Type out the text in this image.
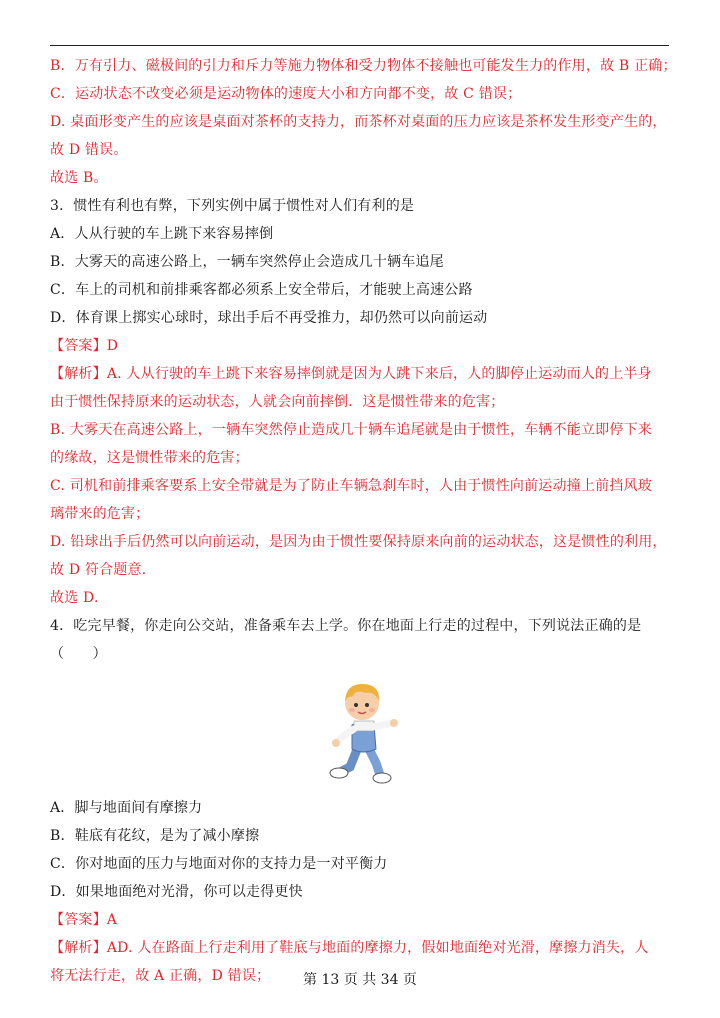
B．万有引力、磁极间的引力和斥力等施力物体和受力物体不接触也可能发生力的作用，故 B 正确；
C．运动状态不改变必须是运动物体的速度大小和方向都不变，故 C 错误；
D. 桌面形变产生的应该是桌面对茶杯的支持力，而茶杯对桌面的压力应该是茶杯发生形变产生的，
故 D 错误。
故选 B。
3．惯性有利也有弊，下列实例中属于惯性对人们有利的是
A．人从行驶的车上跳下来容易摔倒
B．大雾天的高速公路上，一辆车突然停止会造成几十辆车追尾
C．车上的司机和前排乘客都必须系上安全带后，才能驶上高速公路
D．体育课上掷实心球时，球出手后不再受推力，却仍然可以向前运动
【答案】D
【解析】A. 人从行驶的车上跳下来容易摔倒就是因为人跳下来后，人的脚停止运动而人的上半身
由于惯性保持原来的运动状态，人就会向前摔倒．这是惯性带来的危害；
B. 大雾天在高速公路上，一辆车突然停止造成几十辆车追尾就是由于惯性，车辆不能立即停下来
的缘故，这是惯性带来的危害；
C. 司机和前排乘客要系上安全带就是为了防止车辆急刹车时，人由于惯性向前运动撞上前挡风玻
璃带来的危害；
D. 铅球出手后仍然可以向前运动，是因为由于惯性要保持原来向前的运动状态，这是惯性的利用，
故 D 符合题意．
故选 D.
4．吃完早餐，你走向公交站，准备乘车去上学。你在地面上行走的过程中，下列说法正确的是
（　　）
A．脚与地面间有摩擦力
B．鞋底有花纹，是为了减小摩擦
C．你对地面的压力与地面对你的支持力是一对平衡力
D．如果地面绝对光滑，你可以走得更快
【答案】A
【解析】AD. 人在路面上行走利用了鞋底与地面的摩擦力，假如地面绝对光滑，摩擦力消失，人
将无法行走，故 A 正确，D 错误；	第 13 页 共 34 页
